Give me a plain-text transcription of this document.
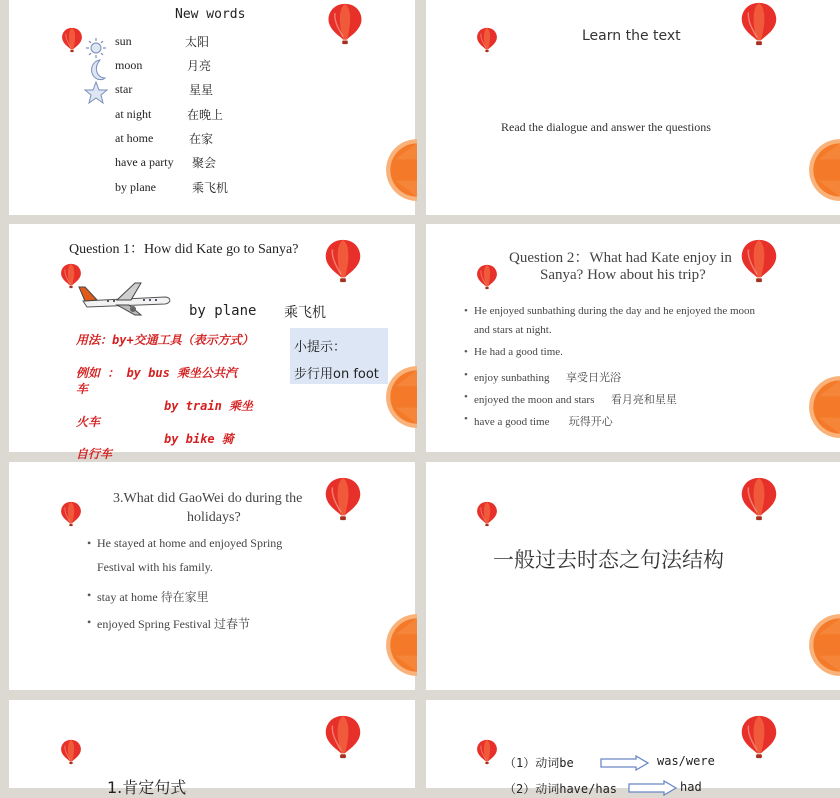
New words
sun	太阳
moon	月亮
star	星星
at night	在晚上
at home	在家
have a party 聚会
by plane	乘飞机
Learn the text
Read the dialogue and answer the questions
Question 1：How did Kate go to Sanya?
by plane 乘飞机
用法：by+交通工具（表示方式）
例如 ： by bus 乘坐公共汽
车
by train 乘坐
火车
by bike 骑
自行车
小提示：
步行用on foot
Question 2：What had Kate enjoy in
Sanya? How about his trip?
• He enjoyed sunbathing during the day and he enjoyed the moon
and stars at night.
• He had a good time.
• enjoy sunbathing      享受日光浴
• enjoyed the moon and stars      看月亮和星星
• have a good time       玩得开心
3.What did GaoWei do during the
holidays?
• He stayed at home and enjoyed Spring
Festival with his family.
• stay at home 待在家里
• enjoyed Spring Festival 过春节
一般过去时态之句法结构
1.肯定句式
（1）动词be	was/were
（2）动词have/has	had
